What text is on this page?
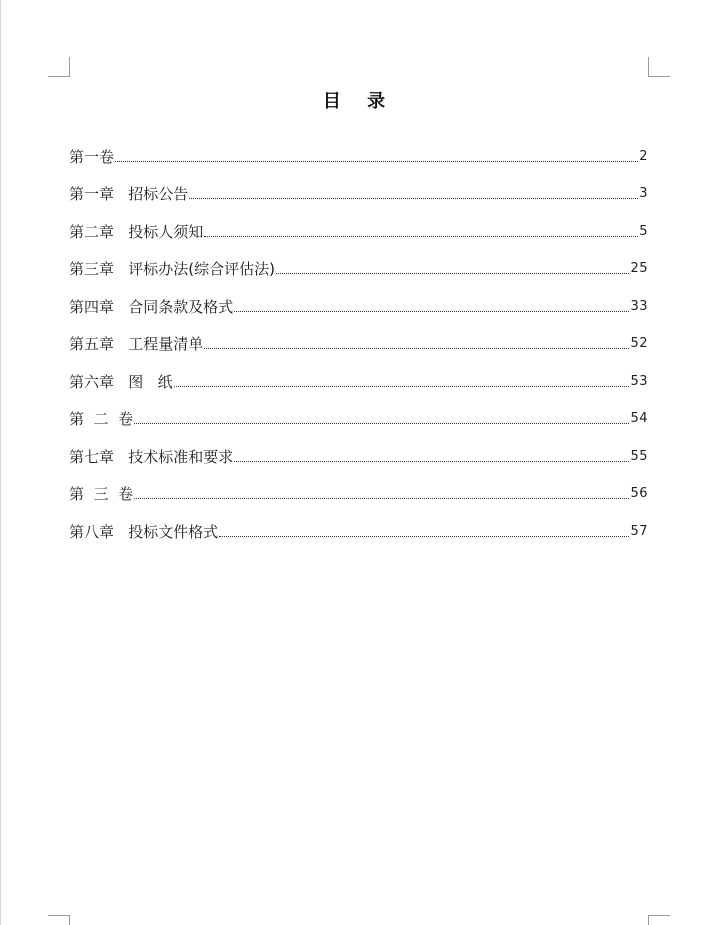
目 录
第一卷	2
第一章   招标公告	3
第二章   投标人须知	5
第三章   评标办法(综合评估法)	25
第四章   合同条款及格式	33
第五章   工程量清单	52
第六章   图   纸	53
第  二  卷	54
第七章   技术标准和要求	55
第  三  卷	56
第八章   投标文件格式	57
